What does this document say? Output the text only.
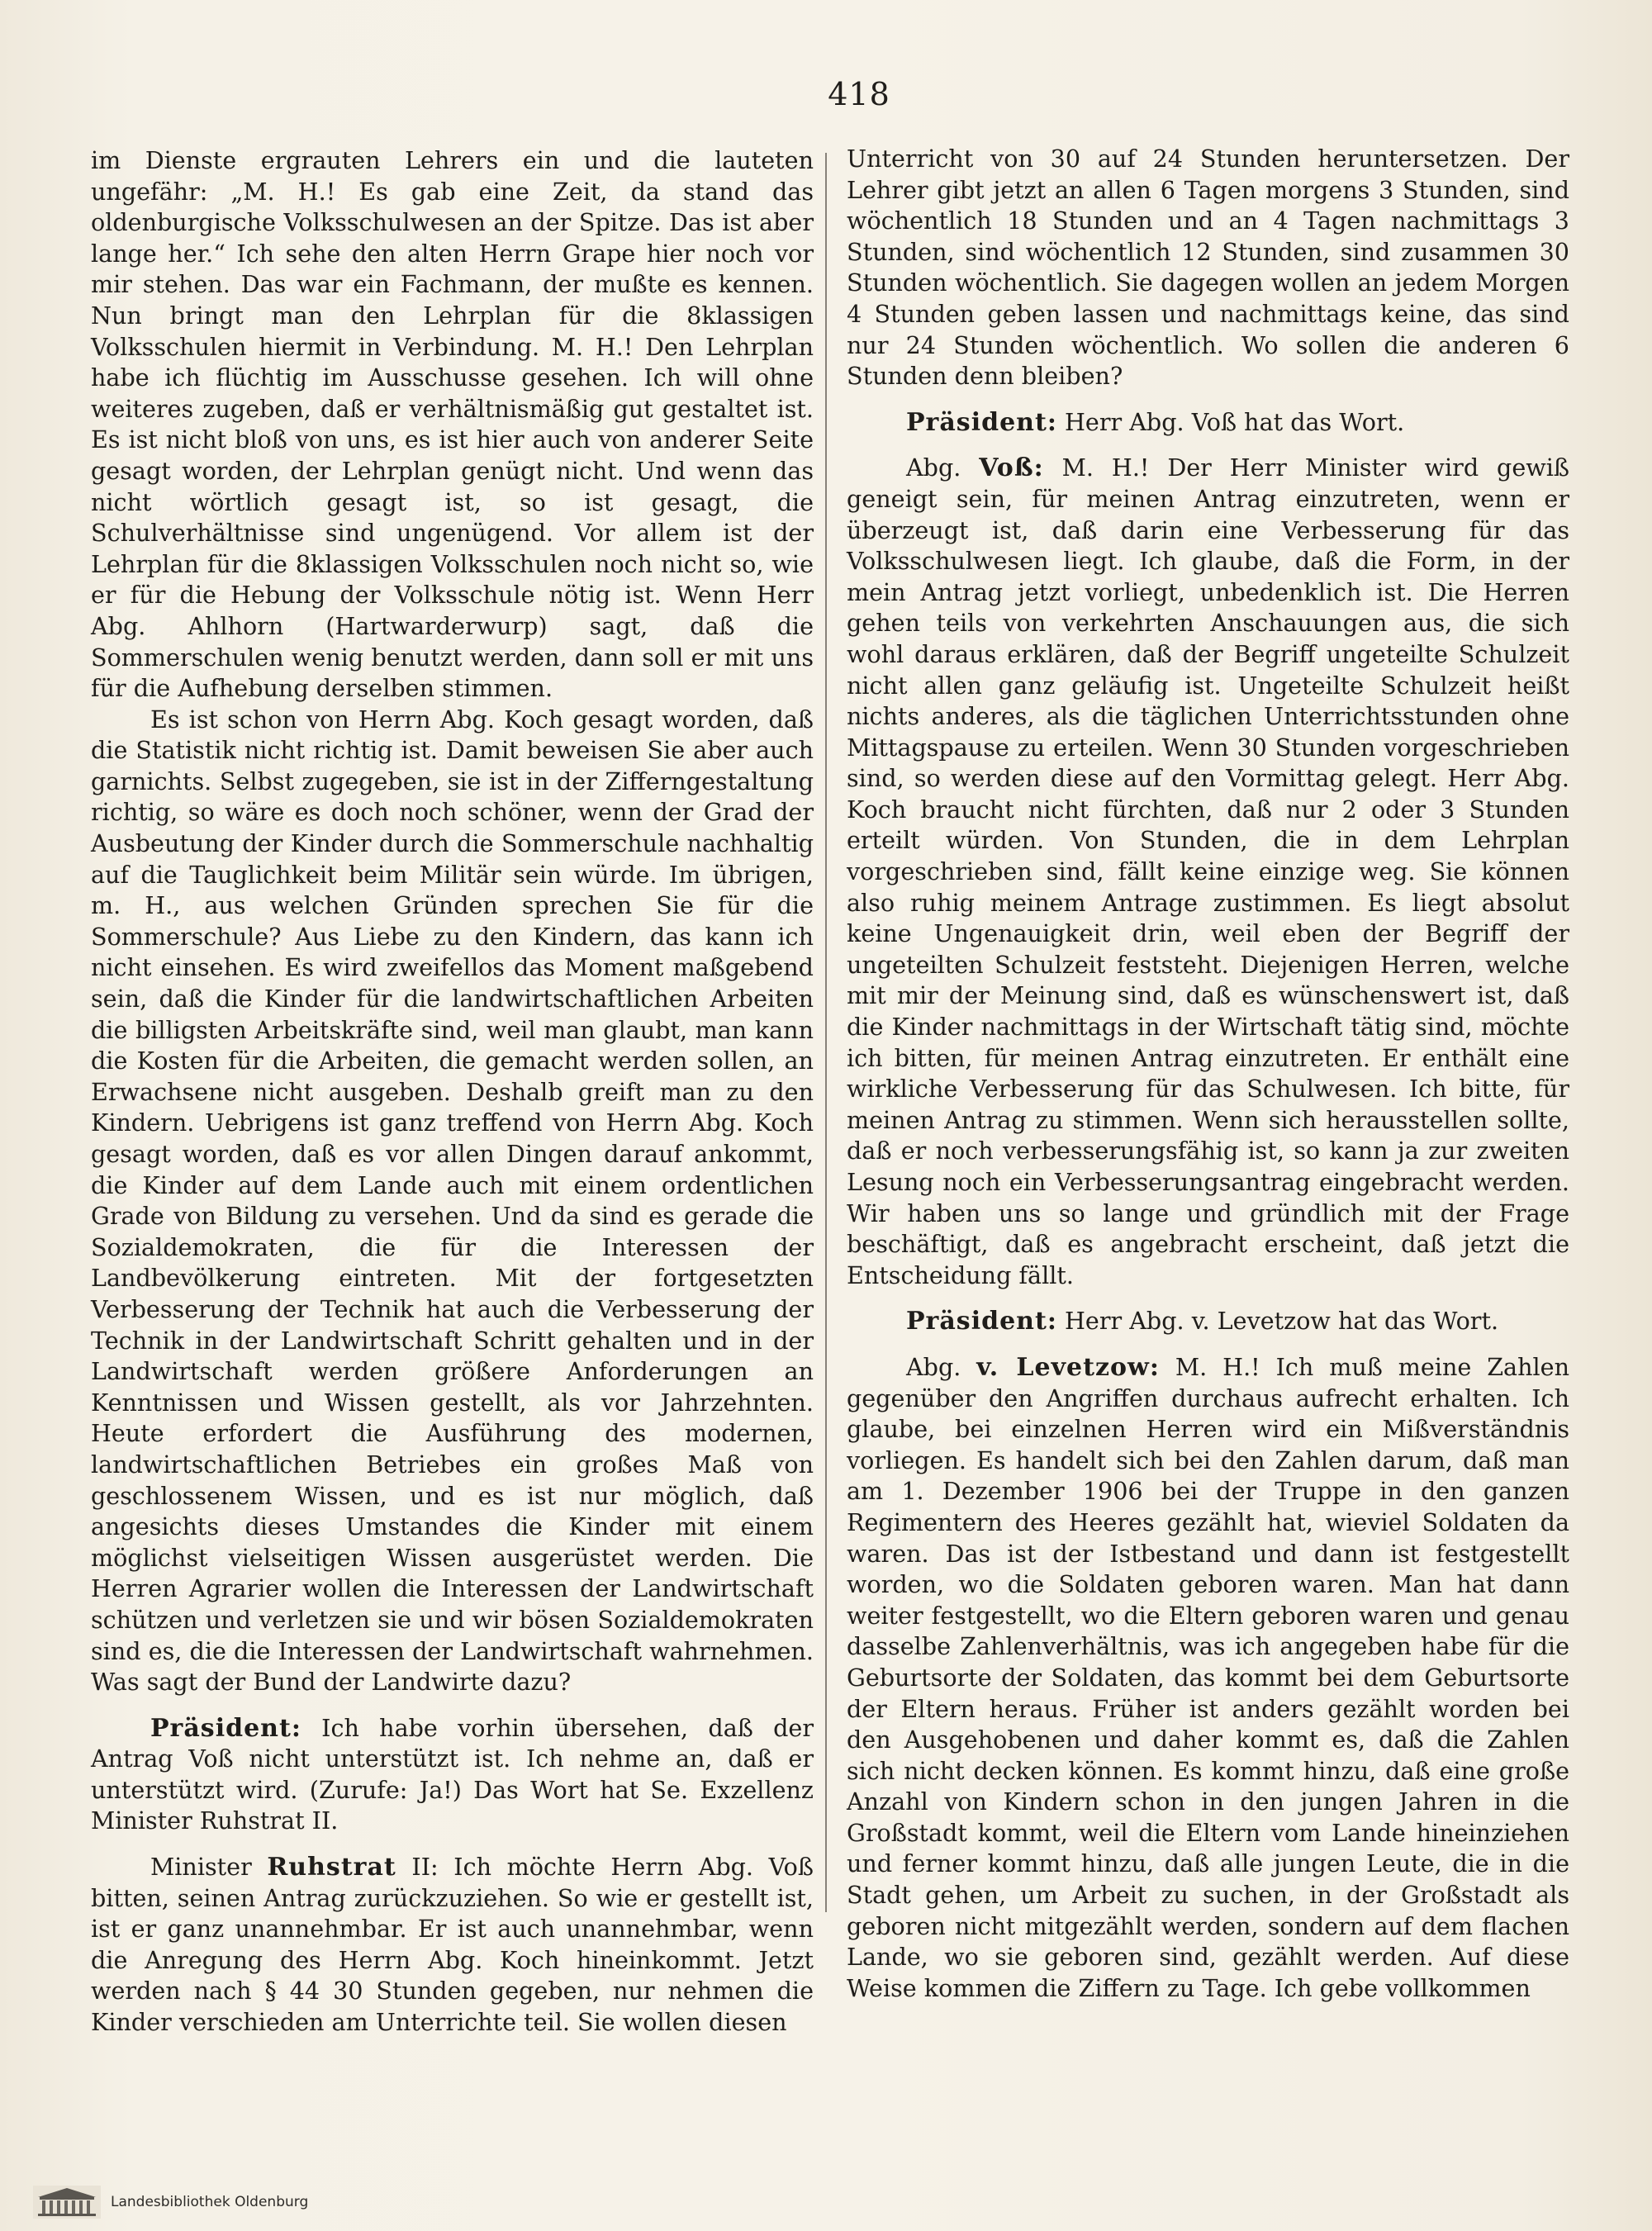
418

im Dienste ergrauten Lehrers ein und die lauteten ungefähr: „M. H.! Es gab eine Zeit, da stand das oldenburgische Volksschulwesen an der Spitze. Das ist aber lange her.“ Ich sehe den alten Herrn Grape hier noch vor mir stehen. Das war ein Fachmann, der mußte es kennen. Nun bringt man den Lehrplan für die 8klassigen Volksschulen hiermit in Verbindung. M. H.! Den Lehrplan habe ich flüchtig im Ausschusse gesehen. Ich will ohne weiteres zugeben, daß er verhältnismäßig gut gestaltet ist. Es ist nicht bloß von uns, es ist hier auch von anderer Seite gesagt worden, der Lehrplan genügt nicht. Und wenn das nicht wörtlich gesagt ist, so ist gesagt, die Schulverhältnisse sind ungenügend. Vor allem ist der Lehrplan für die 8klassigen Volksschulen noch nicht so, wie er für die Hebung der Volksschule nötig ist. Wenn Herr Abg. Ahlhorn (Hartwarderwurp) sagt, daß die Sommerschulen wenig benutzt werden, dann soll er mit uns für die Aufhebung derselben stimmen.

Es ist schon von Herrn Abg. Koch gesagt worden, daß die Statistik nicht richtig ist. Damit beweisen Sie aber auch garnichts. Selbst zugegeben, sie ist in der Zifferngestaltung richtig, so wäre es doch noch schöner, wenn der Grad der Ausbeutung der Kinder durch die Sommerschule nachhaltig auf die Tauglichkeit beim Militär sein würde. Im übrigen, m. H., aus welchen Gründen sprechen Sie für die Sommerschule? Aus Liebe zu den Kindern, das kann ich nicht einsehen. Es wird zweifellos das Moment maßgebend sein, daß die Kinder für die landwirtschaftlichen Arbeiten die billigsten Arbeitskräfte sind, weil man glaubt, man kann die Kosten für die Arbeiten, die gemacht werden sollen, an Erwachsene nicht ausgeben. Deshalb greift man zu den Kindern. Uebrigens ist ganz treffend von Herrn Abg. Koch gesagt worden, daß es vor allen Dingen darauf ankommt, die Kinder auf dem Lande auch mit einem ordentlichen Grade von Bildung zu versehen. Und da sind es gerade die Sozialdemokraten, die für die Interessen der Landbevölkerung eintreten. Mit der fortgesetzten Verbesserung der Technik hat auch die Verbesserung der Technik in der Landwirtschaft Schritt gehalten und in der Landwirtschaft werden größere Anforderungen an Kenntnissen und Wissen gestellt, als vor Jahrzehnten. Heute erfordert die Ausführung des modernen, landwirtschaftlichen Betriebes ein großes Maß von geschlossenem Wissen, und es ist nur möglich, daß angesichts dieses Umstandes die Kinder mit einem möglichst vielseitigen Wissen ausgerüstet werden. Die Herren Agrarier wollen die Interessen der Landwirtschaft schützen und verletzen sie und wir bösen Sozialdemokraten sind es, die die Interessen der Landwirtschaft wahrnehmen. Was sagt der Bund der Landwirte dazu?

Präsident: Ich habe vorhin übersehen, daß der Antrag Voß nicht unterstützt ist. Ich nehme an, daß er unterstützt wird. (Zurufe: Ja!) Das Wort hat Se. Exzellenz Minister Ruhstrat II.

Minister Ruhstrat II: Ich möchte Herrn Abg. Voß bitten, seinen Antrag zurückzuziehen. So wie er gestellt ist, ist er ganz unannehmbar. Er ist auch unannehmbar, wenn die Anregung des Herrn Abg. Koch hineinkommt. Jetzt werden nach § 44 30 Stunden gegeben, nur nehmen die Kinder verschieden am Unterrichte teil. Sie wollen diesen

Unterricht von 30 auf 24 Stunden heruntersetzen. Der Lehrer gibt jetzt an allen 6 Tagen morgens 3 Stunden, sind wöchentlich 18 Stunden und an 4 Tagen nachmittags 3 Stunden, sind wöchentlich 12 Stunden, sind zusammen 30 Stunden wöchentlich. Sie dagegen wollen an jedem Morgen 4 Stunden geben lassen und nachmittags keine, das sind nur 24 Stunden wöchentlich. Wo sollen die anderen 6 Stunden denn bleiben?

Präsident: Herr Abg. Voß hat das Wort.

Abg. Voß: M. H.! Der Herr Minister wird gewiß geneigt sein, für meinen Antrag einzutreten, wenn er überzeugt ist, daß darin eine Verbesserung für das Volksschulwesen liegt. Ich glaube, daß die Form, in der mein Antrag jetzt vorliegt, unbedenklich ist. Die Herren gehen teils von verkehrten Anschauungen aus, die sich wohl daraus erklären, daß der Begriff ungeteilte Schulzeit nicht allen ganz geläufig ist. Ungeteilte Schulzeit heißt nichts anderes, als die täglichen Unterrichtsstunden ohne Mittagspause zu erteilen. Wenn 30 Stunden vorgeschrieben sind, so werden diese auf den Vormittag gelegt. Herr Abg. Koch braucht nicht fürchten, daß nur 2 oder 3 Stunden erteilt würden. Von Stunden, die in dem Lehrplan vorgeschrieben sind, fällt keine einzige weg. Sie können also ruhig meinem Antrage zustimmen. Es liegt absolut keine Ungenauigkeit drin, weil eben der Begriff der ungeteilten Schulzeit feststeht. Diejenigen Herren, welche mit mir der Meinung sind, daß es wünschenswert ist, daß die Kinder nachmittags in der Wirtschaft tätig sind, möchte ich bitten, für meinen Antrag einzutreten. Er enthält eine wirkliche Verbesserung für das Schulwesen. Ich bitte, für meinen Antrag zu stimmen. Wenn sich herausstellen sollte, daß er noch verbesserungsfähig ist, so kann ja zur zweiten Lesung noch ein Verbesserungsantrag eingebracht werden. Wir haben uns so lange und gründlich mit der Frage beschäftigt, daß es angebracht erscheint, daß jetzt die Entscheidung fällt.

Präsident: Herr Abg. v. Levetzow hat das Wort.

Abg. v. Levetzow: M. H.! Ich muß meine Zahlen gegenüber den Angriffen durchaus aufrecht erhalten. Ich glaube, bei einzelnen Herren wird ein Mißverständnis vorliegen. Es handelt sich bei den Zahlen darum, daß man am 1. Dezember 1906 bei der Truppe in den ganzen Regimentern des Heeres gezählt hat, wieviel Soldaten da waren. Das ist der Istbestand und dann ist festgestellt worden, wo die Soldaten geboren waren. Man hat dann weiter festgestellt, wo die Eltern geboren waren und genau dasselbe Zahlenverhältnis, was ich angegeben habe für die Geburtsorte der Soldaten, das kommt bei dem Geburtsorte der Eltern heraus. Früher ist anders gezählt worden bei den Ausgehobenen und daher kommt es, daß die Zahlen sich nicht decken können. Es kommt hinzu, daß eine große Anzahl von Kindern schon in den jungen Jahren in die Großstadt kommt, weil die Eltern vom Lande hineinziehen und ferner kommt hinzu, daß alle jungen Leute, die in die Stadt gehen, um Arbeit zu suchen, in der Großstadt als geboren nicht mitgezählt werden, sondern auf dem flachen Lande, wo sie geboren sind, gezählt werden. Auf diese Weise kommen die Ziffern zu Tage. Ich gebe vollkommen

Landesbibliothek Oldenburg
